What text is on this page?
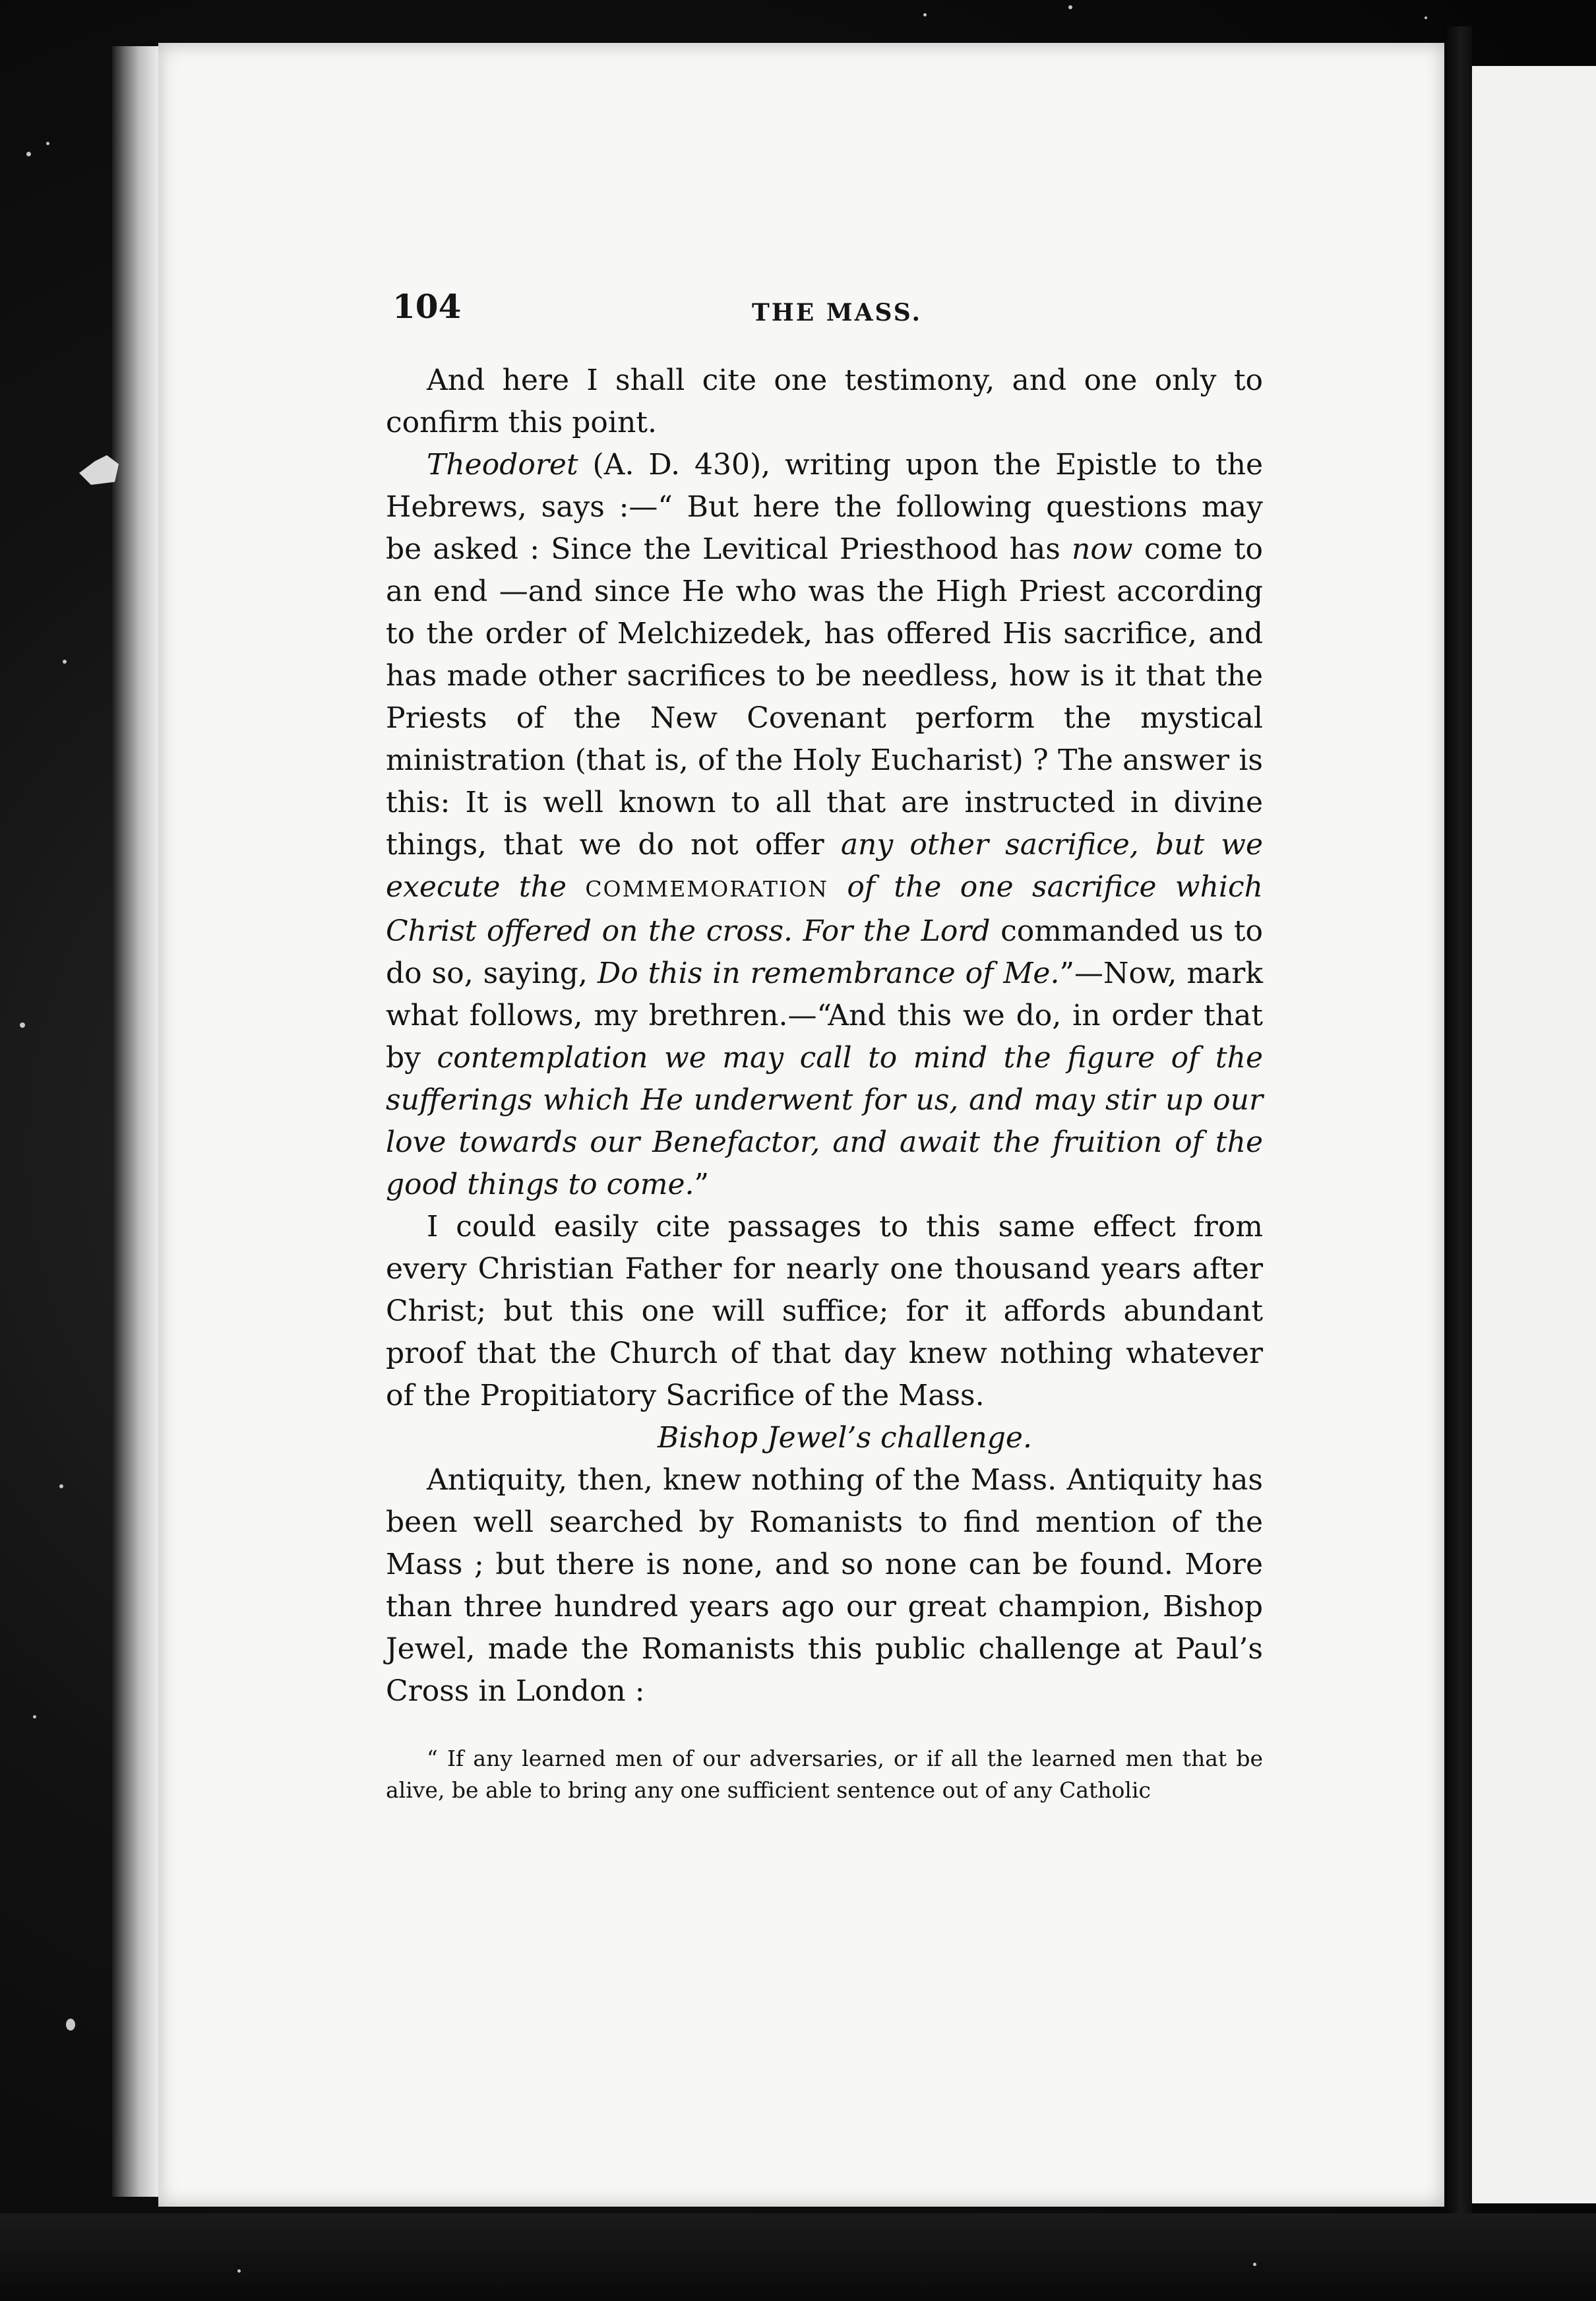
104	THE MASS.

And here I shall cite one testimony, and one only to confirm this point.

Theodoret (A. D. 430), writing upon the Epistle to the Hebrews, says :—“ But here the following questions may be asked : Since the Levitical Priesthood has now come to an end —and since He who was the High Priest according to the order of Melchizedek, has offered His sacrifice, and has made other sacrifices to be needless, how is it that the Priests of the New Covenant perform the mystical ministration (that is, of the Holy Eucharist) ? The answer is this: It is well known to all that are instructed in divine things, that we do not offer any other sacrifice, but we execute the COMMEMORATION of the one sacrifice which Christ offered on the cross. For the Lord commanded us to do so, saying, Do this in remembrance of Me.”—Now, mark what follows, my brethren.—“And this we do, in order that by contemplation we may call to mind the figure of the sufferings which He underwent for us, and may stir up our love towards our Benefactor, and await the fruition of the good things to come.”

I could easily cite passages to this same effect from every Christian Father for nearly one thousand years after Christ; but this one will suffice; for it affords abundant proof that the Church of that day knew nothing whatever of the Propitiatory Sacrifice of the Mass.

Bishop Jewel’s challenge.

Antiquity, then, knew nothing of the Mass. Antiquity has been well searched by Romanists to find mention of the Mass ; but there is none, and so none can be found. More than three hundred years ago our great champion, Bishop Jewel, made the Romanists this public challenge at Paul’s Cross in London :

“ If any learned men of our adversaries, or if all the learned men that be alive, be able to bring any one sufficient sentence out of any Catholic
